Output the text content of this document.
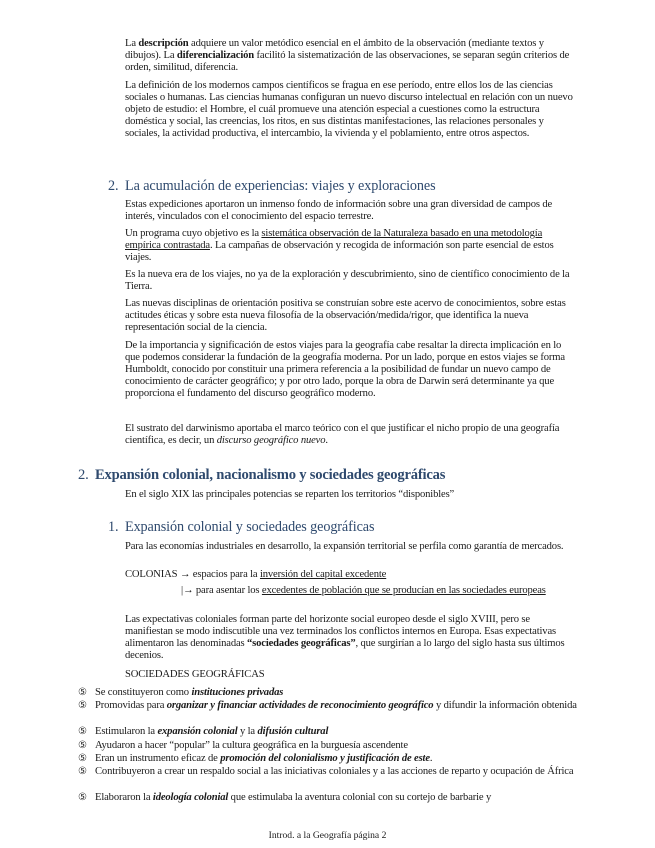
La descripción adquiere un valor metódico esencial en el ámbito de la observación (mediante textos y dibujos). La diferencialización facilitó la sistematización de las observaciones, se separan según criterios de orden, similitud, diferencia.

La definición de los modernos campos científicos se fragua en ese período, entre ellos los de las ciencias sociales o humanas. Las ciencias humanas configuran un nuevo discurso intelectual en relación con un nuevo objeto de estudio: el Hombre, el cuál promueve una atención especial a cuestiones como la estructura doméstica y social, las creencias, los ritos, en sus distintas manifestaciones, las relaciones personales y sociales, la actividad productiva, el intercambio, la vivienda y el poblamiento, entre otros aspectos.

2. La acumulación de experiencias: viajes y exploraciones

Estas expediciones aportaron un inmenso fondo de información sobre una gran diversidad de campos de interés, vinculados con el conocimiento del espacio terrestre.

Un programa cuyo objetivo es la sistemática observación de la Naturaleza basado en una metodología empírica contrastada. La campañas de observación y recogida de información son parte esencial de estos viajes.

Es la nueva era de los viajes, no ya de la exploración y descubrimiento, sino de científico conocimiento de la Tierra.

Las nuevas disciplinas de orientación positiva se construían sobre este acervo de conocimientos, sobre estas actitudes éticas y sobre esta nueva filosofía de la observación/medida/rigor, que identifica la nueva representación social de la ciencia.

De la importancia y significación de estos viajes para la geografía cabe resaltar la directa implicación en lo que podemos considerar la fundación de la geografía moderna. Por un lado, porque en estos viajes se forma Humboldt, conocido por constituir una primera referencia a la posibilidad de fundar un nuevo campo de conocimiento de carácter geográfico; y por otro lado, porque la obra de Darwin será determinante ya que proporciona el fundamento del discurso geográfico moderno.

El sustrato del darwinismo aportaba el marco teórico con el que justificar el nicho propio de una geografía científica, es decir, un discurso geográfico nuevo.

2. Expansión colonial, nacionalismo y sociedades geográficas

En el siglo XIX las principales potencias se reparten los territorios “disponibles”

1. Expansión colonial y sociedades geográficas

Para las economías industriales en desarrollo, la expansión territorial se perfila como garantía de mercados.

COLONIAS → espacios para la inversión del capital excedente

|→ para asentar los excedentes de población que se producían en las sociedades europeas

Las expectativas coloniales forman parte del horizonte social europeo desde el siglo XVIII, pero se manifiestan se modo indiscutible una vez terminados los conflictos internos en Europa. Esas expectativas alimentaron las denominadas “sociedades geográficas”, que surgirían a lo largo del siglo hasta sus últimos decenios.

SOCIEDADES GEOGRÁFICAS

⑤ Se constituyeron como instituciones privadas
⑤ Promovidas para organizar y financiar actividades de reconocimiento geográfico y difundir la información obtenida
⑤ Estimularon la expansión colonial y la difusión cultural
⑤ Ayudaron a hacer “popular” la cultura geográfica en la burguesía ascendente
⑤ Eran un instrumento eficaz de promoción del colonialismo y justificación de este.
⑤ Contribuyeron a crear un respaldo social a las iniciativas coloniales y a las acciones de reparto y ocupación de África
⑤ Elaboraron la ideología colonial que estimulaba la aventura colonial con su cortejo de barbarie y
Introd. a la Geografía página 2
